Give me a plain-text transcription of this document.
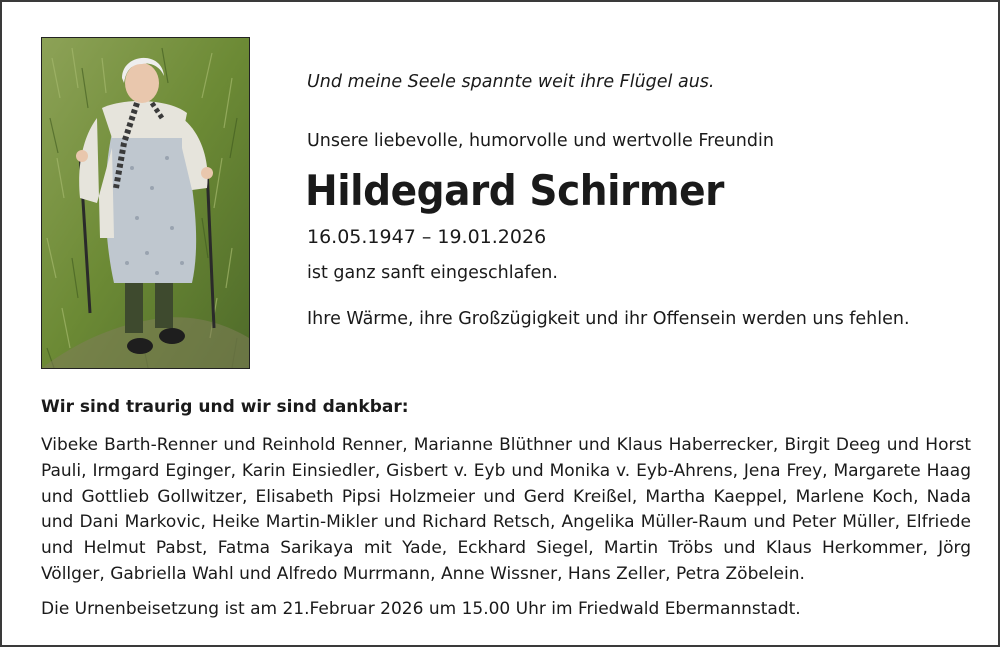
Und meine Seele spannte weit ihre Flügel aus.
Unsere liebevolle, humorvolle und wertvolle Freundin
Hildegard Schirmer
16.05.1947 – 19.01.2026
ist ganz sanft eingeschlafen.
Ihre Wärme, ihre Großzügigkeit und ihr Offensein werden uns fehlen.
Wir sind traurig und wir sind dankbar:

Vibeke Barth-Renner und Reinhold Renner, Marianne Blüthner und Klaus Haberrecker, Birgit Deeg und Horst Pauli, Irmgard Eginger, Karin Einsiedler, Gisbert v. Eyb und Monika v. Eyb-Ahrens, Jena Frey, Margarete Haag und Gottlieb Gollwitzer, Elisabeth Pipsi Holzmeier und Gerd Kreißel, Martha Kaeppel, Marlene Koch, Nada und Dani Markovic, Heike Martin-Mikler und Richard Retsch, Angelika Müller-Raum und Peter Müller, Elfriede und Helmut Pabst, Fatma Sarikaya mit Yade, Eckhard Siegel, Martin Tröbs und Klaus Herkommer, Jörg Völlger, Gabriella Wahl und Alfredo Murrmann, Anne Wissner, Hans Zeller, Petra Zöbelein.

Die Urnenbeisetzung ist am 21.Februar 2026 um 15.00 Uhr im Friedwald Ebermannstadt.
